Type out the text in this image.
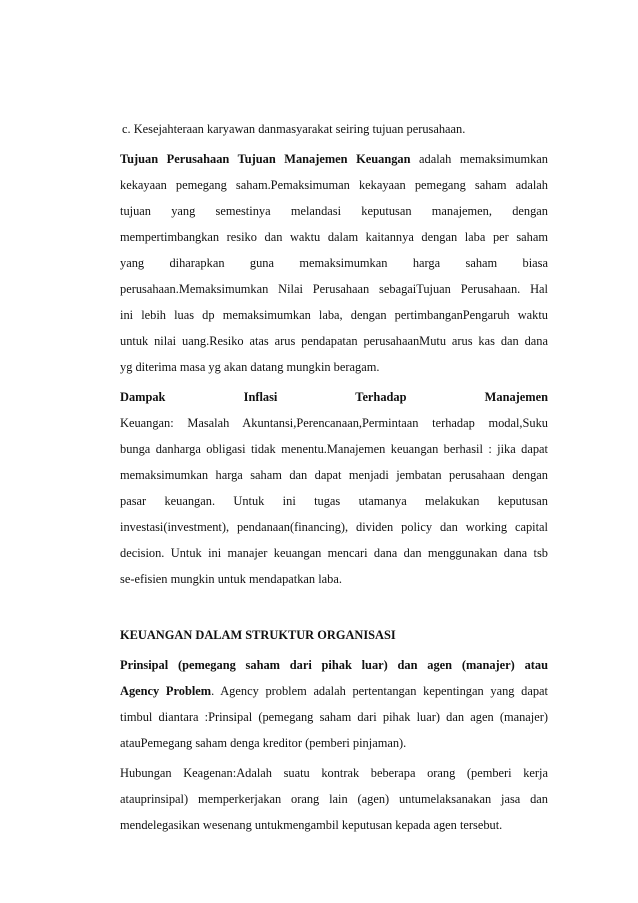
c. Kesejahteraan karyawan danmasyarakat seiring tujuan perusahaan.

Tujuan Perusahaan Tujuan Manajemen Keuangan adalah memaksimumkan

kekayaan pemegang saham.Pemaksimuman kekayaan pemegang saham adalah

tujuan yang semestinya melandasi keputusan manajemen, dengan

mempertimbangkan resiko dan waktu dalam kaitannya dengan laba per saham

yang diharapkan guna memaksimumkan harga saham biasa

perusahaan.Memaksimumkan Nilai Perusahaan sebagaiTujuan Perusahaan. Hal

ini lebih luas dp memaksimumkan laba, dengan pertimbanganPengaruh waktu

untuk nilai uang.Resiko atas arus pendapatan perusahaanMutu arus kas dan dana

yg diterima masa yg akan datang mungkin beragam.

Dampak Inflasi Terhadap Manajemen

Keuangan: Masalah Akuntansi,Perencanaan,Permintaan terhadap modal,Suku

bunga danharga obligasi tidak menentu.Manajemen keuangan berhasil : jika dapat

memaksimumkan harga saham dan dapat menjadi jembatan perusahaan dengan

pasar keuangan. Untuk ini tugas utamanya melakukan keputusan

investasi(investment), pendanaan(financing), dividen policy dan working capital

decision. Untuk ini manajer keuangan mencari dana dan menggunakan dana tsb

se-efisien mungkin untuk mendapatkan laba.

KEUANGAN DALAM STRUKTUR ORGANISASI

Prinsipal (pemegang saham dari pihak luar) dan agen (manajer) atau

Agency Problem. Agency problem adalah pertentangan kepentingan yang dapat

timbul diantara :Prinsipal (pemegang saham dari pihak luar) dan agen (manajer)

atauPemegang saham denga kreditor (pemberi pinjaman).

Hubungan Keagenan:Adalah suatu kontrak beberapa orang (pemberi kerja

atauprinsipal) memperkerjakan orang lain (agen) untumelaksanakan jasa dan

mendelegasikan wesenang untukmengambil keputusan kepada agen tersebut.
